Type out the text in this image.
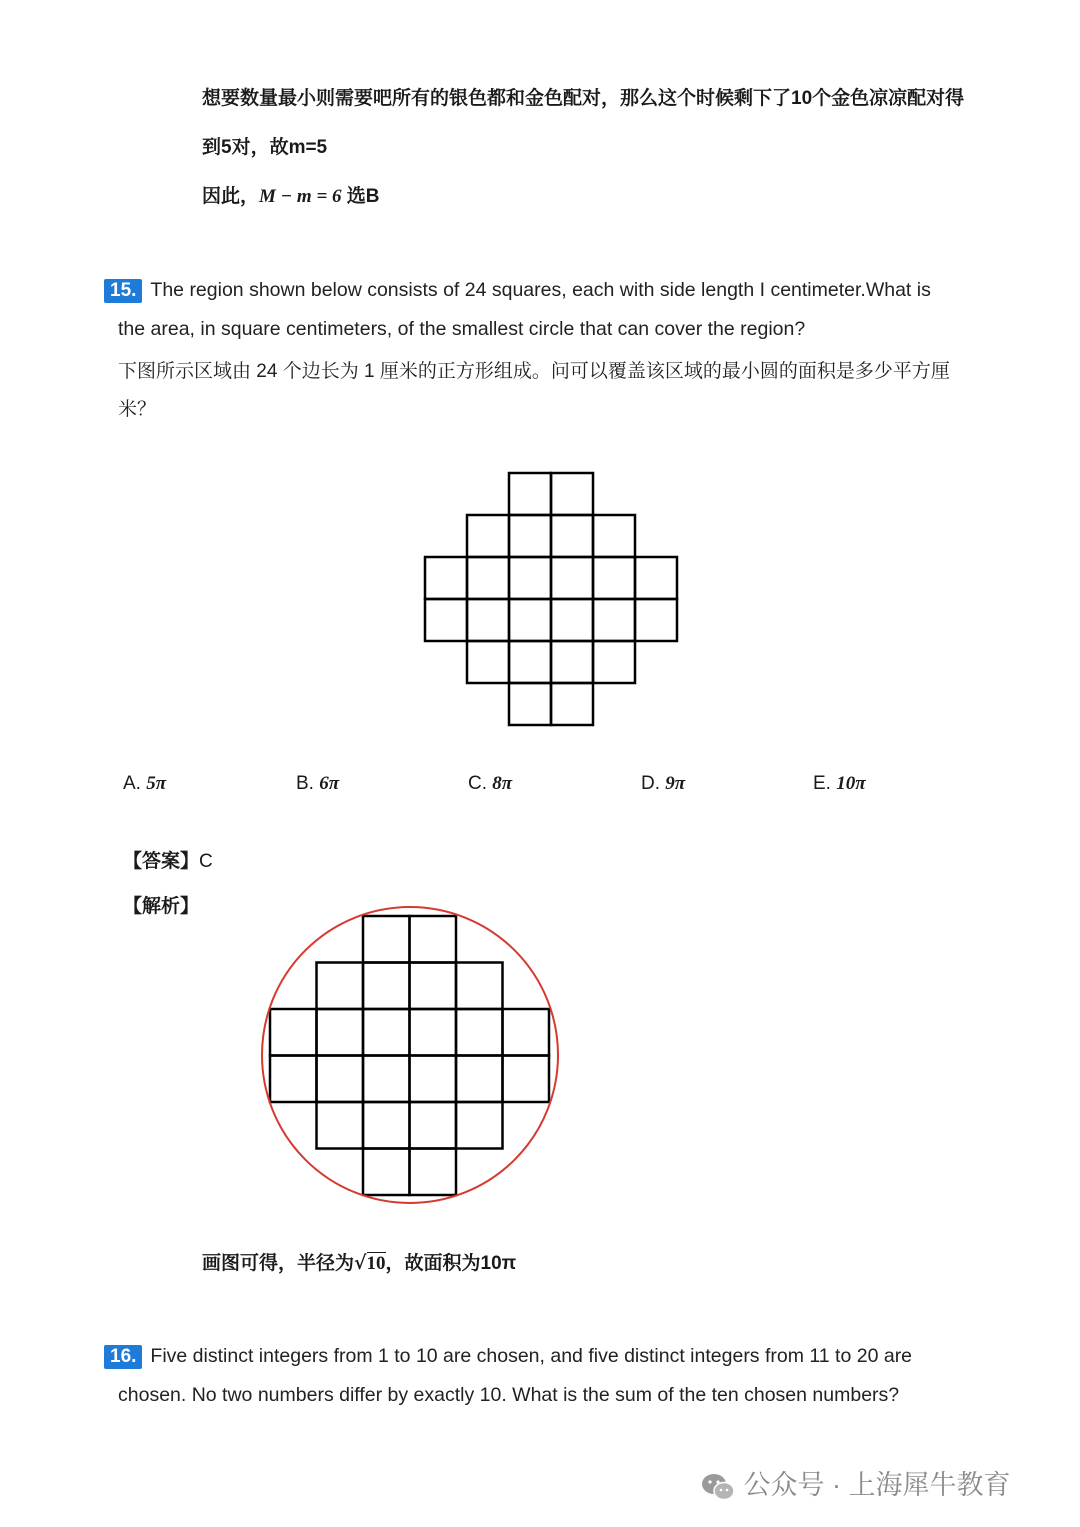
想要数量最小则需要吧所有的银色都和金色配对，那么这个时候剩下了10个金色凉凉配对得
到5对，故m=5
因此，M − m = 6 选B
15. The region shown below consists of 24 squares, each with side length I centimeter.What is
the area, in square centimeters, of the smallest circle that can cover the region?
下图所示区域由 24 个边长为 1 厘米的正方形组成。问可以覆盖该区域的最小圆的面积是多少平方厘
米？
A. 5π	B. 6π	C. 8π	D. 9π	E. 10π
【答案】C
【解析】
画图可得，半径为√10，故面积为10π
16. Five distinct integers from 1 to 10 are chosen, and five distinct integers from 11 to 20 are
chosen. No two numbers differ by exactly 10. What is the sum of the ten chosen numbers?
公众号 · 上海犀牛教育
